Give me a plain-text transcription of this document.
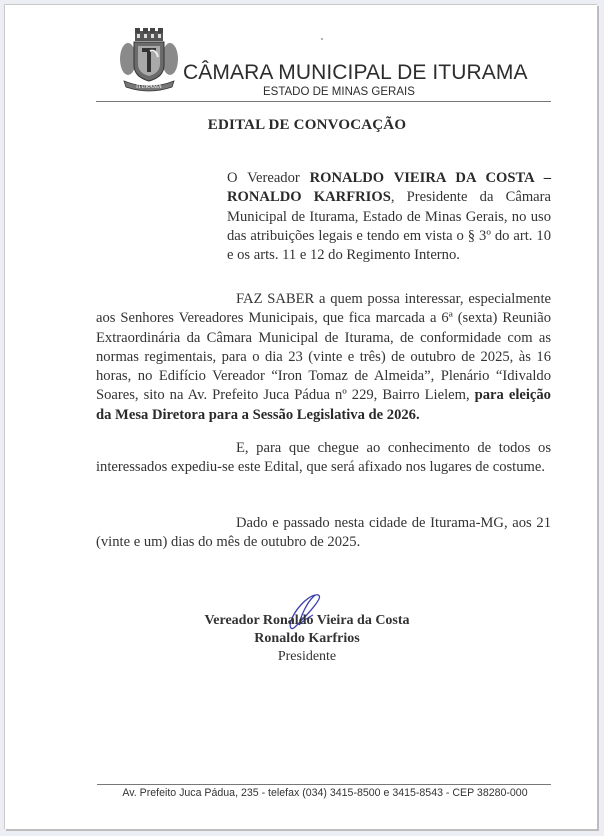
ITURAMA
CÂMARA MUNICIPAL DE ITURAMA
ESTADO DE MINAS GERAIS
EDITAL DE CONVOCAÇÃO
O Vereador RONALDO VIEIRA DA COSTA – RONALDO KARFRIOS, Presidente da Câmara Municipal de Iturama, Estado de Minas Gerais, no uso das atribuições legais e tendo em vista o § 3º do art. 10 e os arts. 11 e 12 do Regimento Interno.
FAZ SABER a quem possa interessar, especialmente aos Senhores Vereadores Municipais, que fica marcada a 6ª (sexta) Reunião Extraordinária da Câmara Municipal de Iturama, de conformidade com as normas regimentais, para o dia 23 (vinte e três) de outubro de 2025, às 16 horas, no Edifício Vereador “Iron Tomaz de Almeida”, Plenário “Idivaldo Soares, sito na Av. Prefeito Juca Pádua nº 229, Bairro Lielem, para eleição da Mesa Diretora para a Sessão Legislativa de 2026.
E, para que chegue ao conhecimento de todos os interessados expediu-se este Edital, que será afixado nos lugares de costume.
Dado e passado nesta cidade de Iturama-MG, aos 21 (vinte e um) dias do mês de outubro de 2025.
Vereador Ronaldo Vieira da Costa
Ronaldo Karfrios
Presidente
Av. Prefeito Juca Pádua, 235 - telefax (034) 3415-8500 e 3415-8543 - CEP 38280-000
